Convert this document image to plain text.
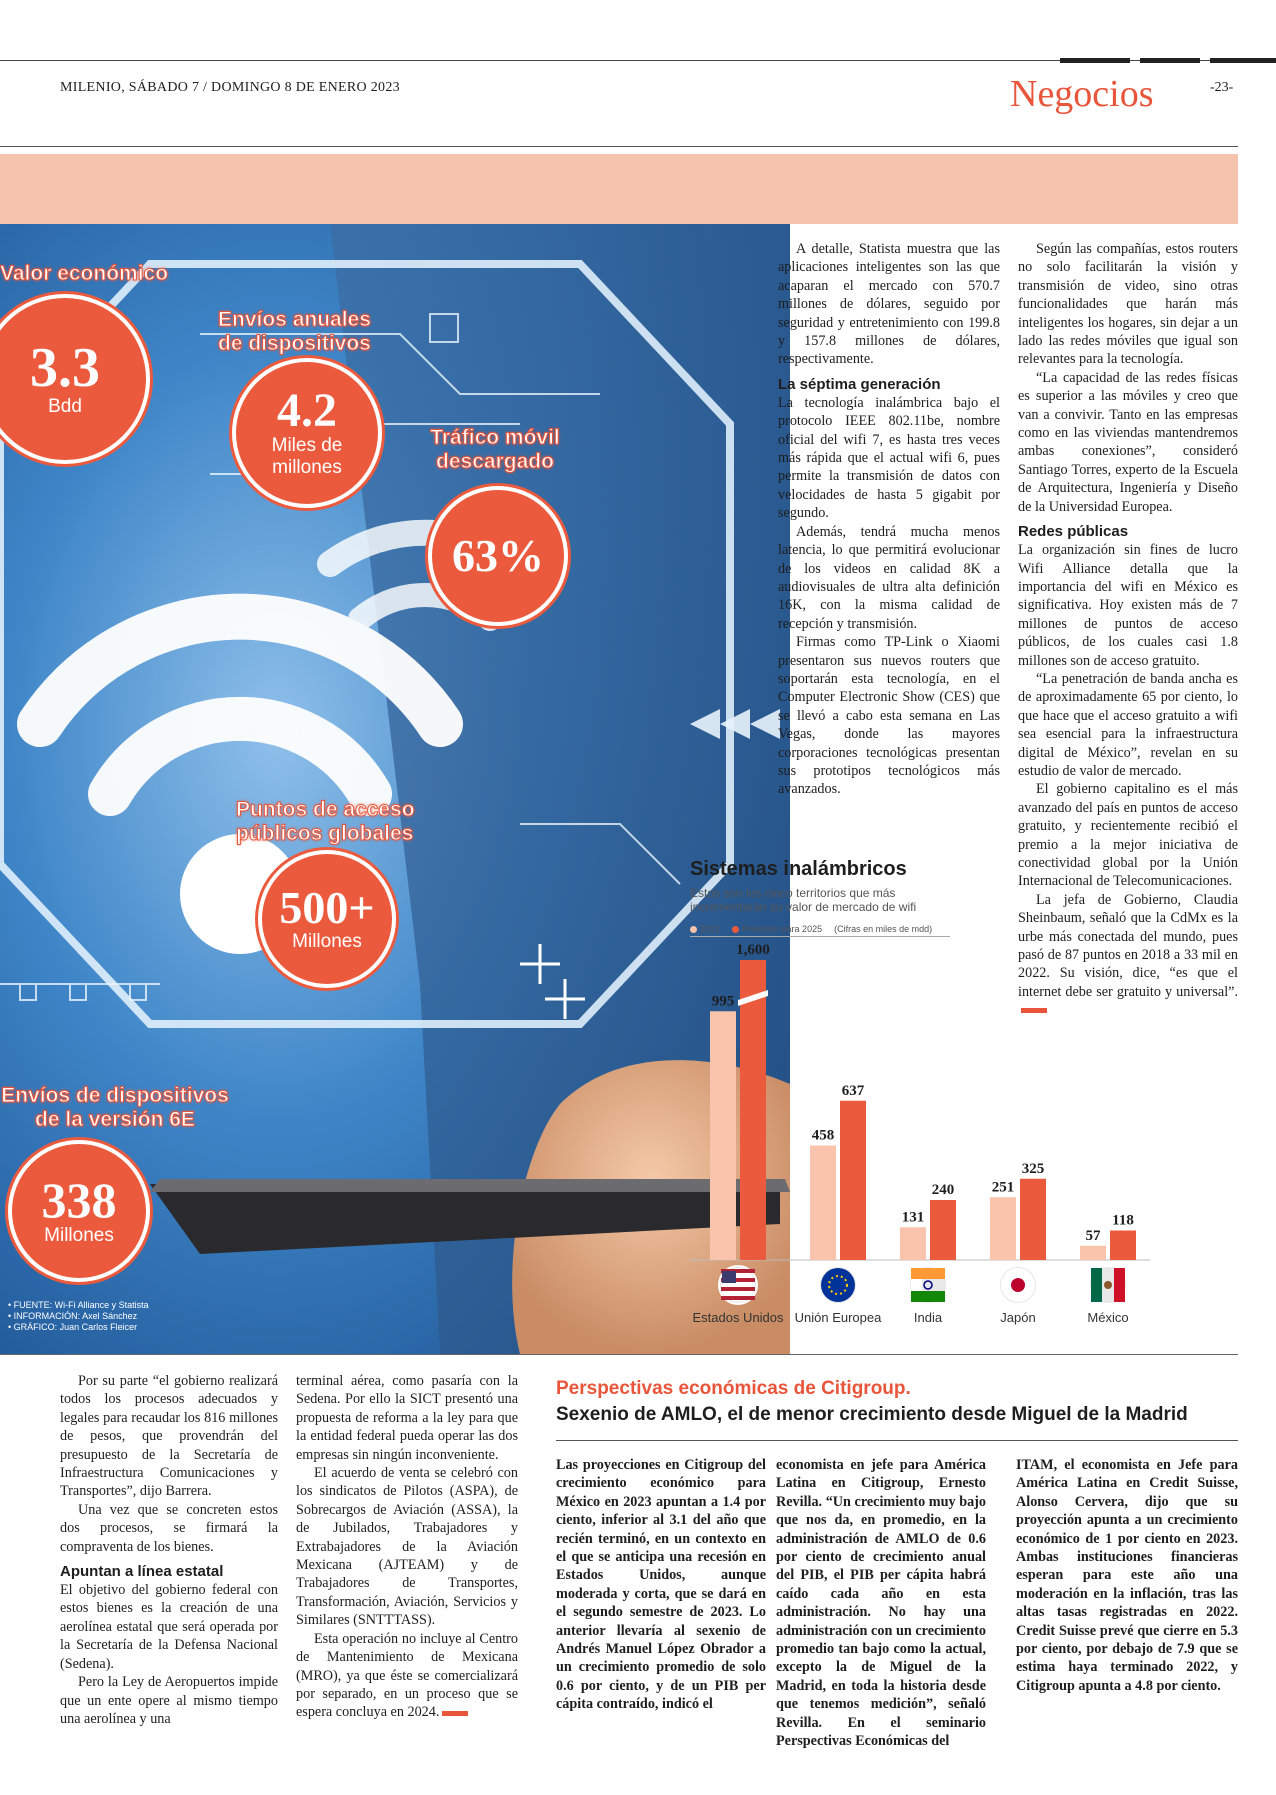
MILENIO, SÁBADO 7 / DOMINGO 8 DE ENERO 2023	Negocios	-23-
Valor económico
3.3
Bdd
Envíos anuales de dispositivos
4.2
Miles de millones
Tráfico móvil descargado
63%
Puntos de acceso públicos globales
500+
Millones
Envíos de dispositivos de la versión 6E
338
Millones
• FUENTE: Wi-Fi Alliance y Statista
• INFORMACIÓN: Axel Sánchez
• GRÁFICO: Juan Carlos Fleicer
Sistemas inalámbricos
Estos son los cinco territorios que más incrementarán su valor de mercado de wifi
2021	Previsión para 2025 (Cifras en miles de mdd)
995
1,600
Estados Unidos
458
637
Unión Europea
131
240
India
251
325
Japón
57
118
México

A detalle, Statista muestra que las aplicaciones inteligentes son las que acaparan el mercado con 570.7 millones de dólares, seguido por seguridad y entretenimiento con 199.8 y 157.8 millones de dólares, respectivamente.

La séptima generación

La tecnología inalámbrica bajo el protocolo IEEE 802.11be, nombre oficial del wifi 7, es hasta tres veces más rápida que el actual wifi 6, pues permite la transmisión de datos con velocidades de hasta 5 gigabit por segundo.

Además, tendrá mucha menos latencia, lo que permitirá evolucionar de los videos en calidad 8K a audiovisuales de ultra alta definición 16K, con la misma calidad de recepción y transmisión.

Firmas como TP-Link o Xiaomi presentaron sus nuevos routers que soportarán esta tecnología, en el Computer Electronic Show (CES) que se llevó a cabo esta semana en Las Vegas, donde las mayores corporaciones tecnológicas presentan sus prototipos tecnológicos más avanzados.

Según las compañías, estos routers no solo facilitarán la visión y transmisión de video, sino otras funcionalidades que harán más inteligentes los hogares, sin dejar a un lado las redes móviles que igual son relevantes para la tecnología.

“La capacidad de las redes físicas es superior a las móviles y creo que van a convivir. Tanto en las empresas como en las viviendas mantendremos ambas conexiones”, consideró Santiago Torres, experto de la Escuela de Arquitectura, Ingeniería y Diseño de la Universidad Europea.

Redes públicas

La organización sin fines de lucro Wifi Alliance detalla que la importancia del wifi en México es significativa. Hoy existen más de 7 millones de puntos de acceso públicos, de los cuales casi 1.8 millones son de acceso gratuito.

“La penetración de banda ancha es de aproximadamente 65 por ciento, lo que hace que el acceso gratuito a wifi sea esencial para la infraestructura digital de México”, revelan en su estudio de valor de mercado.

El gobierno capitalino es el más avanzado del país en puntos de acceso gratuito, y recientemente recibió el premio a la mejor iniciativa de conectividad global por la Unión Internacional de Telecomunicaciones.

La jefa de Gobierno, Claudia Sheinbaum, señaló que la CdMx es la urbe más conectada del mundo, pues pasó de 87 puntos en 2018 a 33 mil en 2022. Su visión, dice, “es que el internet debe ser gratuito y universal”.

Por su parte “el gobierno realizará todos los procesos adecuados y legales para recaudar los 816 millones de pesos, que provendrán del presupuesto de la Secretaría de Infraestructura Comunicaciones y Transportes”, dijo Barrera.

Una vez que se concreten estos dos procesos, se firmará la compraventa de los bienes.

Apuntan a línea estatal

El objetivo del gobierno federal con estos bienes es la creación de una aerolínea estatal que será operada por la Secretaría de la Defensa Nacional (Sedena).

Pero la Ley de Aeropuertos impide que un ente opere al mismo tiempo una aerolínea y una

terminal aérea, como pasaría con la Sedena. Por ello la SICT presentó una propuesta de reforma a la ley para que la entidad federal pueda operar las dos empresas sin ningún inconveniente.

El acuerdo de venta se celebró con los sindicatos de Pilotos (ASPA), de Sobrecargos de Aviación (ASSA), la de Jubilados, Trabajadores y Extrabajadores de la Aviación Mexicana (AJTEAM) y de Trabajadores de Transportes, Transformación, Aviación, Servicios y Similares (SNTTTASS).

Esta operación no incluye al Centro de Mantenimiento de Mexicana (MRO), ya que éste se comercializará por separado, en un proceso que se espera concluya en 2024.

Perspectivas económicas de Citigroup.
Sexenio de AMLO, el de menor crecimiento desde Miguel de la Madrid
Las proyecciones en Citigroup del crecimiento económico para México en 2023 apuntan a 1.4 por ciento, inferior al 3.1 del año que recién terminó, en un contexto en el que se anticipa una recesión en Estados Unidos, aunque moderada y corta, que se dará en el segundo semestre de 2023. Lo anterior llevaría al sexenio de Andrés Manuel López Obrador a un crecimiento promedio de solo 0.6 por ciento, y de un PIB per cápita contraído, indicó el
economista en jefe para América Latina en Citigroup, Ernesto Revilla. “Un crecimiento muy bajo que nos da, en promedio, en la administración de AMLO de 0.6 por ciento de crecimiento anual del PIB, el PIB per cápita habrá caído cada año en esta administración. No hay una administración con un crecimiento promedio tan bajo como la actual, excepto la de Miguel de la Madrid, en toda la historia desde que tenemos medición”, señaló Revilla. En el seminario Perspectivas Económicas del
ITAM, el economista en Jefe para América Latina en Credit Suisse, Alonso Cervera, dijo que su proyección apunta a un crecimiento económico de 1 por ciento en 2023. Ambas instituciones financieras esperan para este año una moderación en la inflación, tras las altas tasas registradas en 2022. Credit Suisse prevé que cierre en 5.3 por ciento, por debajo de 7.9 que se estima haya terminado 2022, y Citigroup apunta a 4.8 por ciento.
